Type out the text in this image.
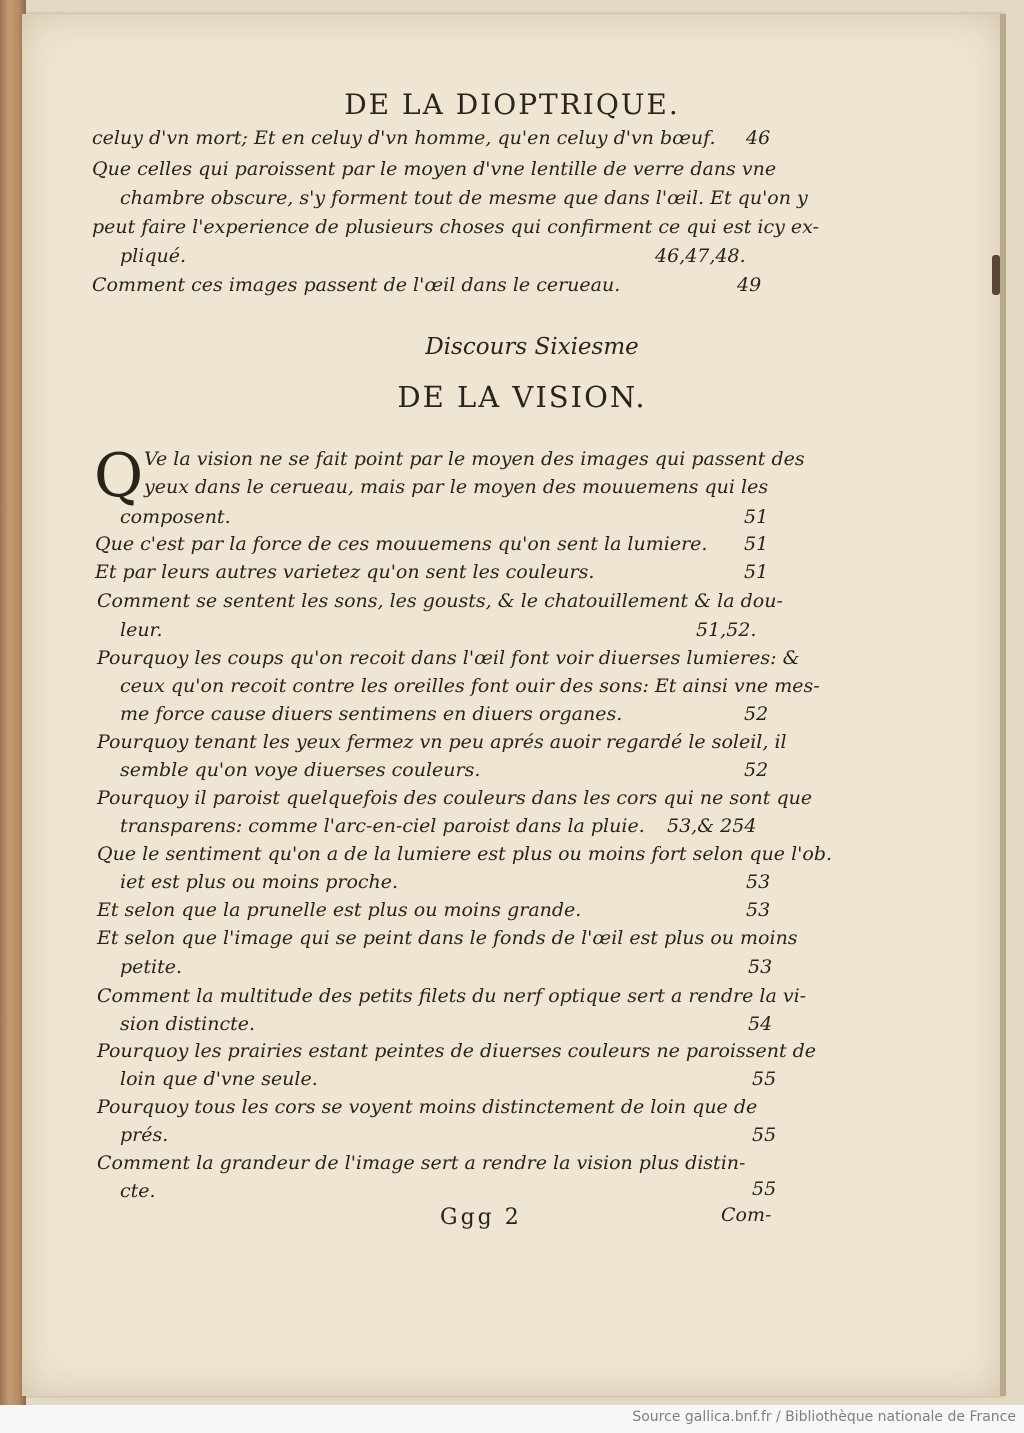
DE LA DIOPTRIQUE.
celuy d'vn mort; Et en celuy d'vn homme, qu'en celuy d'vn bœuf. 46
Que celles qui paroissent par le moyen d'vne lentille de verre dans vne
chambre obscure, s'y forment tout de mesme que dans l'œil. Et qu'on y
peut faire l'experience de plusieurs choses qui confirment ce qui est icy ex-
pliqué.	46,47,48.
Comment ces images passent de l'œil dans le cerueau.	49
Discours Sixiesme
DE LA VISION.
Q Ve la vision ne se fait point par le moyen des images qui passent des
yeux dans le cerueau, mais par le moyen des mouuemens qui les
composent.	51
Que c'est par la force de ces mouuemens qu'on sent la lumiere. 51
Et par leurs autres varietez qu'on sent les couleurs.	51
Comment se sentent les sons, les gousts, & le chatouillement & la dou-
leur.	51,52.
Pourquoy les coups qu'on recoit dans l'œil font voir diuerses lumieres: &
ceux qu'on recoit contre les oreilles font ouir des sons: Et ainsi vne mes-
me force cause diuers sentimens en diuers organes.	52
Pourquoy tenant les yeux fermez vn peu aprés auoir regardé le soleil, il
semble qu'on voye diuerses couleurs.	52
Pourquoy il paroist quelquefois des couleurs dans les cors qui ne sont que
transparens: comme l'arc-en-ciel paroist dans la pluie. 53,& 254
Que le sentiment qu'on a de la lumiere est plus ou moins fort selon que l'ob.
iet est plus ou moins proche.	53
Et selon que la prunelle est plus ou moins grande.	53
Et selon que l'image qui se peint dans le fonds de l'œil est plus ou moins
petite.	53
Comment la multitude des petits filets du nerf optique sert a rendre la vi-
sion distincte.	54
Pourquoy les prairies estant peintes de diuerses couleurs ne paroissent de
loin que d'vne seule.	55
Pourquoy tous les cors se voyent moins distinctement de loin que de
prés.	55
Comment la grandeur de l'image sert a rendre la vision plus distin-
cte.	55
Ggg 2	Com-
Source gallica.bnf.fr / Bibliothèque nationale de France
